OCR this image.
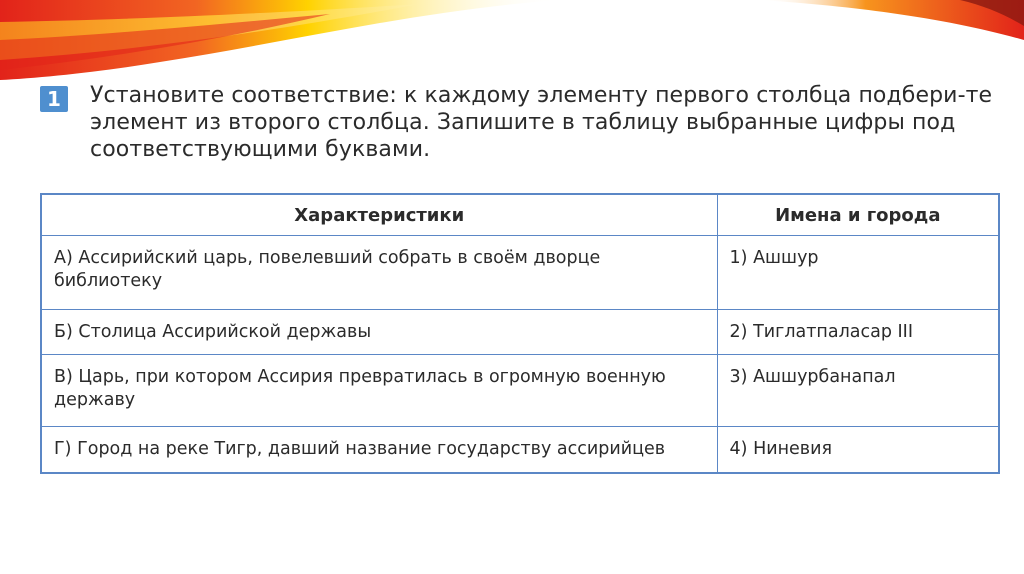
1	Установите соответствие: к каждому элементу первого столбца подбери-те элемент из второго столбца. Запишите в таблицу выбранные цифры под соответствующими буквами.
Характеристики	Имена и города
А) Ассирийский царь, повелевший собрать в своём дворце библиотеку	1) Ашшур
Б) Столица Ассирийской державы	2) Тиглатпаласар III
В) Царь, при котором Ассирия превратилась в огромную военную державу	3) Ашшурбанапал
Г) Город на реке Тигр, давший название государству ассирийцев	4) Ниневия
